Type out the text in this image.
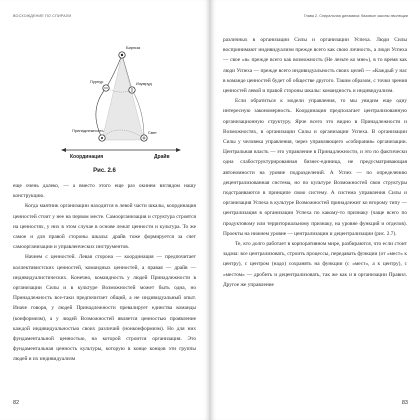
ВОСХОЖДЕНИЕ ПО СПИРАЛИ
Бирюза
Пурпур	Изумруд
Принадлежность	Свет
Координация	Драйв
Рис. 2.6

еще очень далеко, — а вместо этого еще раз окинем взглядом нашу конструкцию.

Когда маятник организации находится в левой части шкалы, координация ценностей стоит у нее на первом месте. Самоорганизация и структура строятся на ценностях, у них в этом случае в основе лежат ценности и культура. То же самое и для правой стороны шкалы: драйв тоже формируется за счет самоорганизации и управленческих инструментов.

Начнем с ценностей. Левая сторона — координация — предпочитает коллективистских ценностей, командных ценностей, а правая — драйв — индивидуалистических. Конечно, командность у людей Принадлежности в организации Силы и в культуре Возможностей может быть одна, но Принадлежность все-таки предпочитает общий, а не индивидуальный опыт. Иначе говоря, у людей Принадлежности превалирует единства команды (конформизм), а у людей Возможностей является ценностью проявление каждой индивидуальностью своих различий (нонконформизм). Но для них фундаментальной ценностью, на которой строится организация. Это фундаментальная ценность культуры, которую в конце концов эти группы людей и их индивидуализм

82
Глава 2. Спиральная динамика: базовые законы эволюции

различных в организации Силы и организации Успеха. Люди Силы воспринимают индивидуализм прежде всего как свою личность, а люди Успеха — свое «я» прежде всего как возможность (Не лезьте ко мне»), в то время как люди Успеха — прежде всего индивидуальность своих целей — «Каждый у нас в команде ценностей будет об обществе другого. Таким образом, с точки зрения ценностей левой и правой стороны шкалы: командность и индивидуализм.

Если обратиться к модели управления, то мы увидим еще одну интересную закономерность. Координация предполагает централизованную организационную структуру. Ярче всего это видно в Принадлежности и Возможностях, в организации Силы и организации Успеха. В организации Силы у человека управления, через управляющего «собирания» организации. Центральная власть — это управление в Принадлежности, и это по фактически одна слабоструктурированная бизнес-единица, не предусматривающая автономности на уровне подразделений. А Успех — по определению децентрализованная система, но по культуре Возможностей свои структуры подстраиваются в принципе свою систему. А система управления Силы и организация Успеха в культуре Возможностей принадлежит ко второму типу — централизация в организации Успеха по какому-то признаку (чаще всего по продуктовому или территориальному признаку, на уровне функций и отделов). Проекты на нижнем уровне — централизации и децентрализации (рис. 2.7).

Те, кто долго работает в корпоративном мире, разбираются, что если стоит задача: все централизовать, строить процессы, передавать функции (от «мест» к центру), с центром (надо) сохранять на функции (с «мест», а к центру), с «местом» — дробить и децентрализовать, так же как и в организации Правил. Другое же управление

83
